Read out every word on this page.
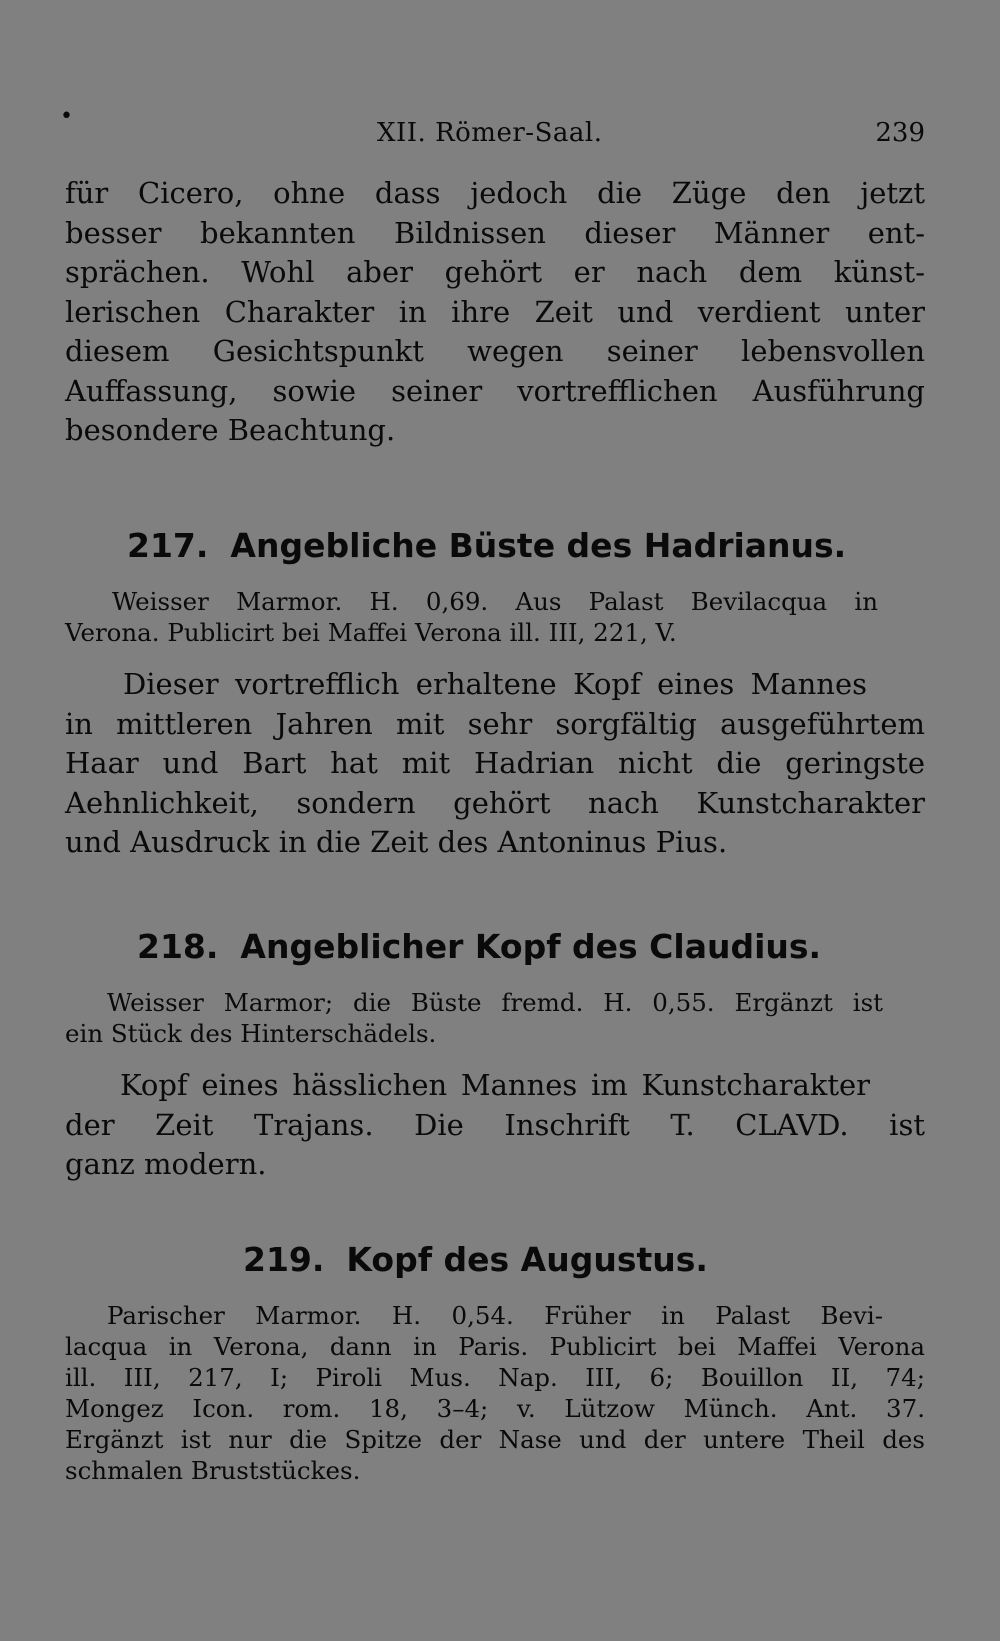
•
XII. Römer-Saal.	239
für Cicero, ohne dass jedoch die Züge den jetzt
besser bekannten Bildnissen dieser Männer ent-
sprächen. Wohl aber gehört er nach dem künst-
lerischen Charakter in ihre Zeit und verdient unter
diesem Gesichtspunkt wegen seiner lebensvollen
Auffassung, sowie seiner vortrefflichen Ausführung
besondere Beachtung.
217. Angebliche Büste des Hadrianus.
Weisser Marmor. H. 0,69. Aus Palast Bevilacqua in
Verona. Publicirt bei Maffei Verona ill. III, 221, V.
Dieser vortrefflich erhaltene Kopf eines Mannes
in mittleren Jahren mit sehr sorgfältig ausgeführtem
Haar und Bart hat mit Hadrian nicht die geringste
Aehnlichkeit, sondern gehört nach Kunstcharakter
und Ausdruck in die Zeit des Antoninus Pius.
218. Angeblicher Kopf des Claudius.
Weisser Marmor; die Büste fremd. H. 0,55. Ergänzt ist
ein Stück des Hinterschädels.
Kopf eines hässlichen Mannes im Kunstcharakter
der Zeit Trajans. Die Inschrift T. CLAVD. ist
ganz modern.
219. Kopf des Augustus.
Parischer Marmor. H. 0,54. Früher in Palast Bevi-
lacqua in Verona, dann in Paris. Publicirt bei Maffei Verona
ill. III, 217, I; Piroli Mus. Nap. III, 6; Bouillon II, 74;
Mongez Icon. rom. 18, 3–4; v. Lützow Münch. Ant. 37.
Ergänzt ist nur die Spitze der Nase und der untere Theil des
schmalen Bruststückes.
